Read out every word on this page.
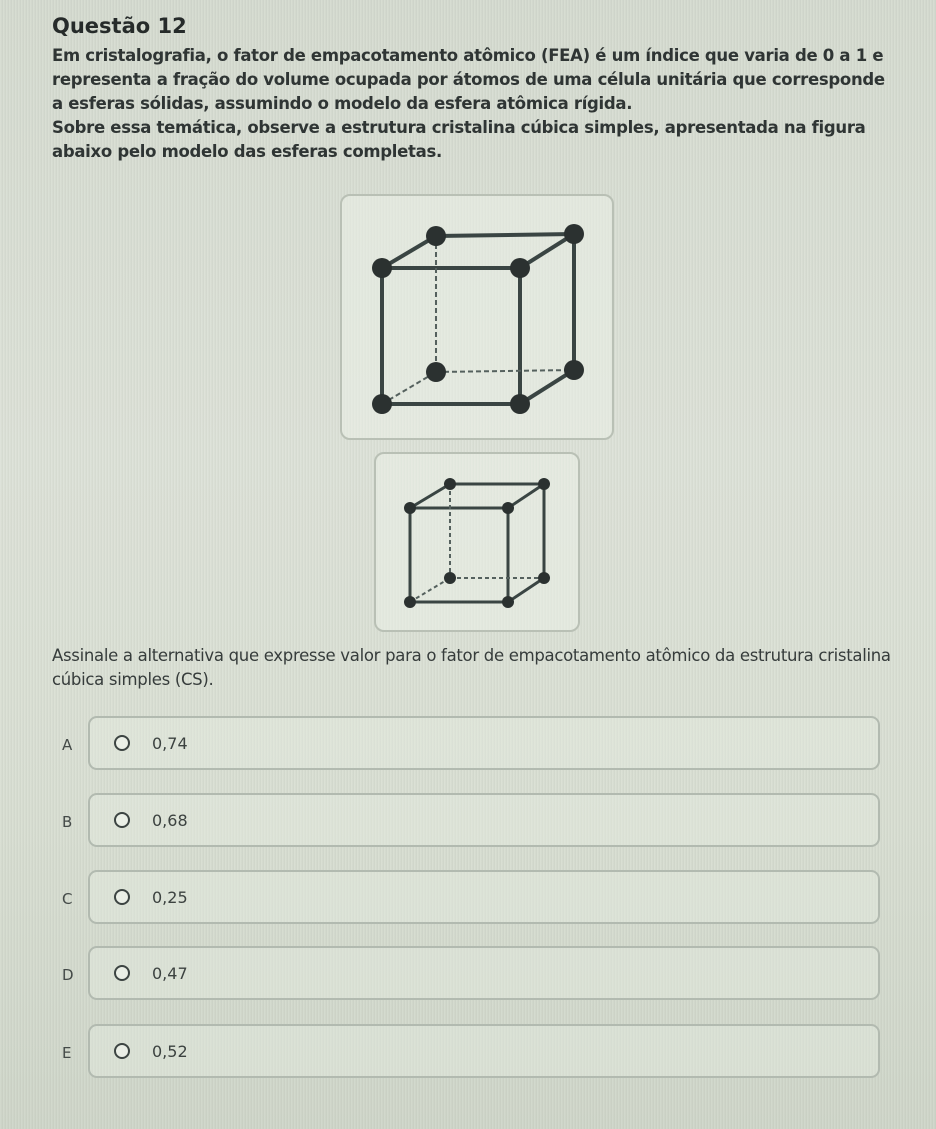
Questão 12

Em cristalografia, o fator de empacotamento atômico (FEA) é um índice que varia de 0 a 1 e representa a fração do volume ocupada por átomos de uma célula unitária que corresponde a esferas sólidas, assumindo o modelo da esfera atômica rígida.

Sobre essa temática, observe a estrutura cristalina cúbica simples, apresentada na figura abaixo pelo modelo das esferas completas.

Assinale a alternativa que expresse valor para o fator de empacotamento atômico da estrutura cristalina cúbica simples (CS).

A	0,74
B	0,68
C	0,25
D	0,47
E	0,52
